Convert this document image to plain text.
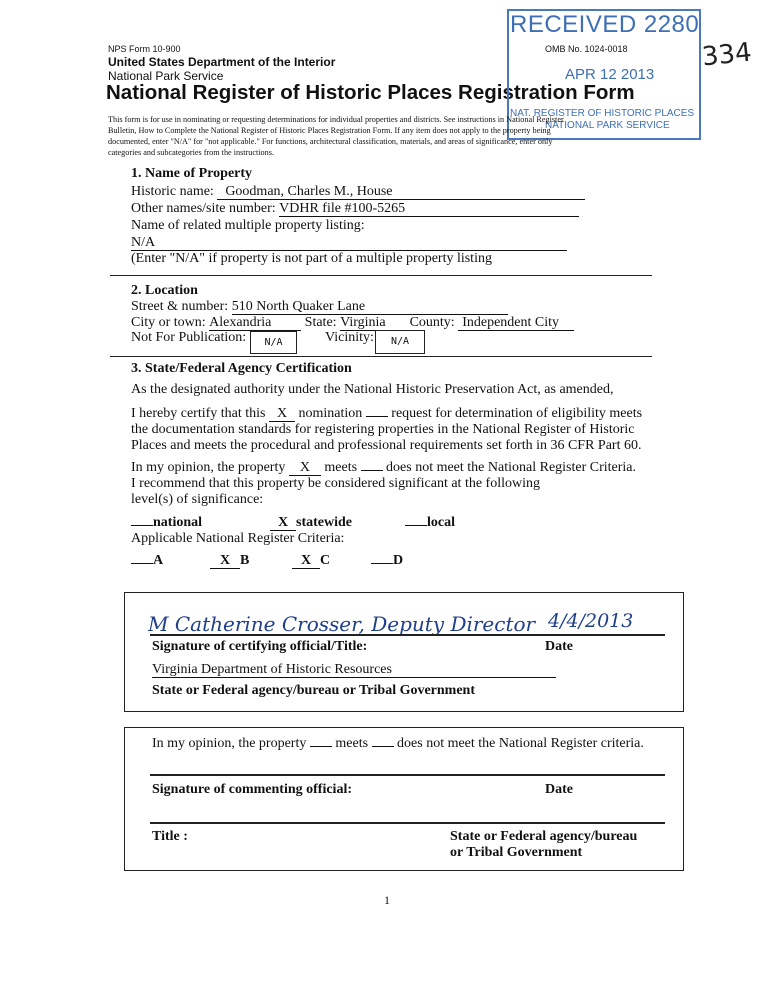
NPS Form 10-900
United States Department of the Interior
National Park Service
National Register of Historic Places Registration Form
OMB No. 1024-0018	334
RECEIVED 2280
APR 12 2013
NAT. REGISTER OF HISTORIC PLACES
NATIONAL PARK SERVICE
This form is for use in nominating or requesting determinations for individual properties and districts. See instructions in National Register
Bulletin, How to Complete the National Register of Historic Places Registration Form. If any item does not apply to the property being
documented, enter "N/A" for "not applicable." For functions, architectural classification, materials, and areas of significance, enter only
categories and subcategories from the instructions.
1. Name of Property
Historic name: Goodman, Charles M., House
Other names/site number: VDHR file #100-5265
Name of related multiple property listing:
N/A
(Enter "N/A" if property is not part of a multiple property listing
2. Location
Street & number: 510 North Quaker Lane
City or town: Alexandria State: Virginia County: Independent City
Not For Publication:	N/A	Vicinity:	N/A
3. State/Federal Agency Certification
As the designated authority under the National Historic Preservation Act, as amended,
I hereby certify that this X nomination request for determination of eligibility meets
the documentation standards for registering properties in the National Register of Historic
Places and meets the procedural and professional requirements set forth in 36 CFR Part 60.
In my opinion, the property X meets does not meet the National Register Criteria.
I recommend that this property be considered significant at the following
level(s) of significance:
national	X statewide	local
Applicable National Register Criteria:
A	X B	X C	D
M Catherine Crosser, Deputy Director 4/4/2013
Signature of certifying official/Title:	Date
Virginia Department of Historic Resources
State or Federal agency/bureau or Tribal Government
In my opinion, the property meets does not meet the National Register criteria.
Signature of commenting official:	Date
Title :	State or Federal agency/bureau
or Tribal Government
1
